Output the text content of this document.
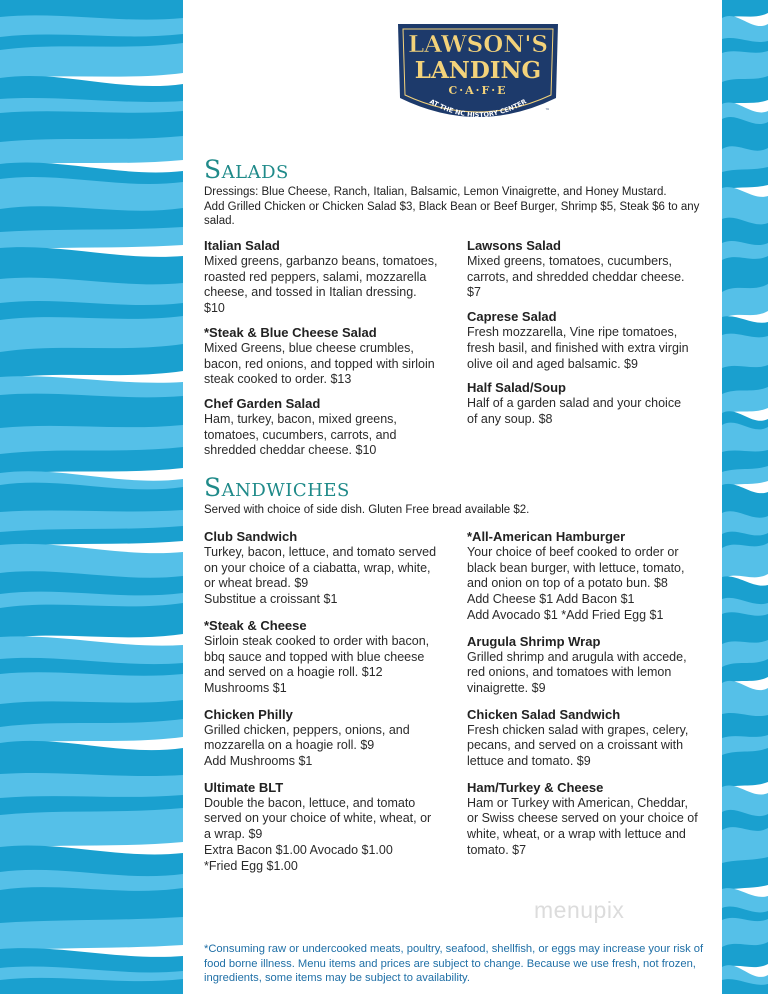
LAWSON'S
LANDING
C·A·F·E
AT THE NC HISTORY CENTER
™
Salads
Dressings: Blue Cheese, Ranch, Italian, Balsamic, Lemon Vinaigrette, and Honey Mustard.
Add Grilled Chicken or Chicken Salad $3, Black Bean or Beef Burger, Shrimp $5, Steak $6 to any salad.
Italian Salad
Mixed greens, garbanzo beans, tomatoes,
roasted red peppers, salami, mozzarella
cheese, and tossed in Italian dressing.
$10
*Steak & Blue Cheese Salad
Mixed Greens, blue cheese crumbles,
bacon, red onions, and topped with sirloin
steak cooked to order. $13
Chef Garden Salad
Ham, turkey, bacon, mixed greens,
tomatoes, cucumbers, carrots, and
shredded cheddar cheese. $10
Lawsons Salad
Mixed greens, tomatoes, cucumbers,
carrots, and shredded cheddar cheese.
$7
Caprese Salad
Fresh mozzarella, Vine ripe tomatoes,
fresh basil, and finished with extra virgin
olive oil and aged balsamic. $9
Half Salad/Soup
Half of a garden salad and your choice
of any soup. $8
Sandwiches
Served with choice of side dish. Gluten Free bread available $2.
Club Sandwich
Turkey, bacon, lettuce, and tomato served
on your choice of a ciabatta, wrap, white,
or wheat bread. $9
Substitue a croissant $1
*Steak & Cheese
Sirloin steak cooked to order with bacon,
bbq sauce and topped with blue cheese
and served on a hoagie roll. $12
Mushrooms $1
Chicken Philly
Grilled chicken, peppers, onions, and
mozzarella on a hoagie roll. $9
Add Mushrooms $1
Ultimate BLT
Double the bacon, lettuce, and tomato
served on your choice of white, wheat, or
a wrap. $9
Extra Bacon $1.00 Avocado $1.00
*Fried Egg $1.00
*All-American Hamburger
Your choice of beef cooked to order or
black bean burger, with lettuce, tomato,
and onion on top of a potato bun. $8
Add Cheese $1 Add Bacon $1
Add Avocado $1 *Add Fried Egg $1
Arugula Shrimp Wrap
Grilled shrimp and arugula with accede,
red onions, and tomatoes with lemon
vinaigrette. $9
Chicken Salad Sandwich
Fresh chicken salad with grapes, celery,
pecans, and served on a croissant with
lettuce and tomato. $9
Ham/Turkey & Cheese
Ham or Turkey with American, Cheddar,
or Swiss cheese served on your choice of
white, wheat, or a wrap with lettuce and
tomato. $7
menupix
*Consuming raw or undercooked meats, poultry, seafood, shellfish, or eggs may increase your risk of food borne illness. Menu items and prices are subject to change. Because we use fresh, not frozen, ingredients, some items may be subject to availability.
